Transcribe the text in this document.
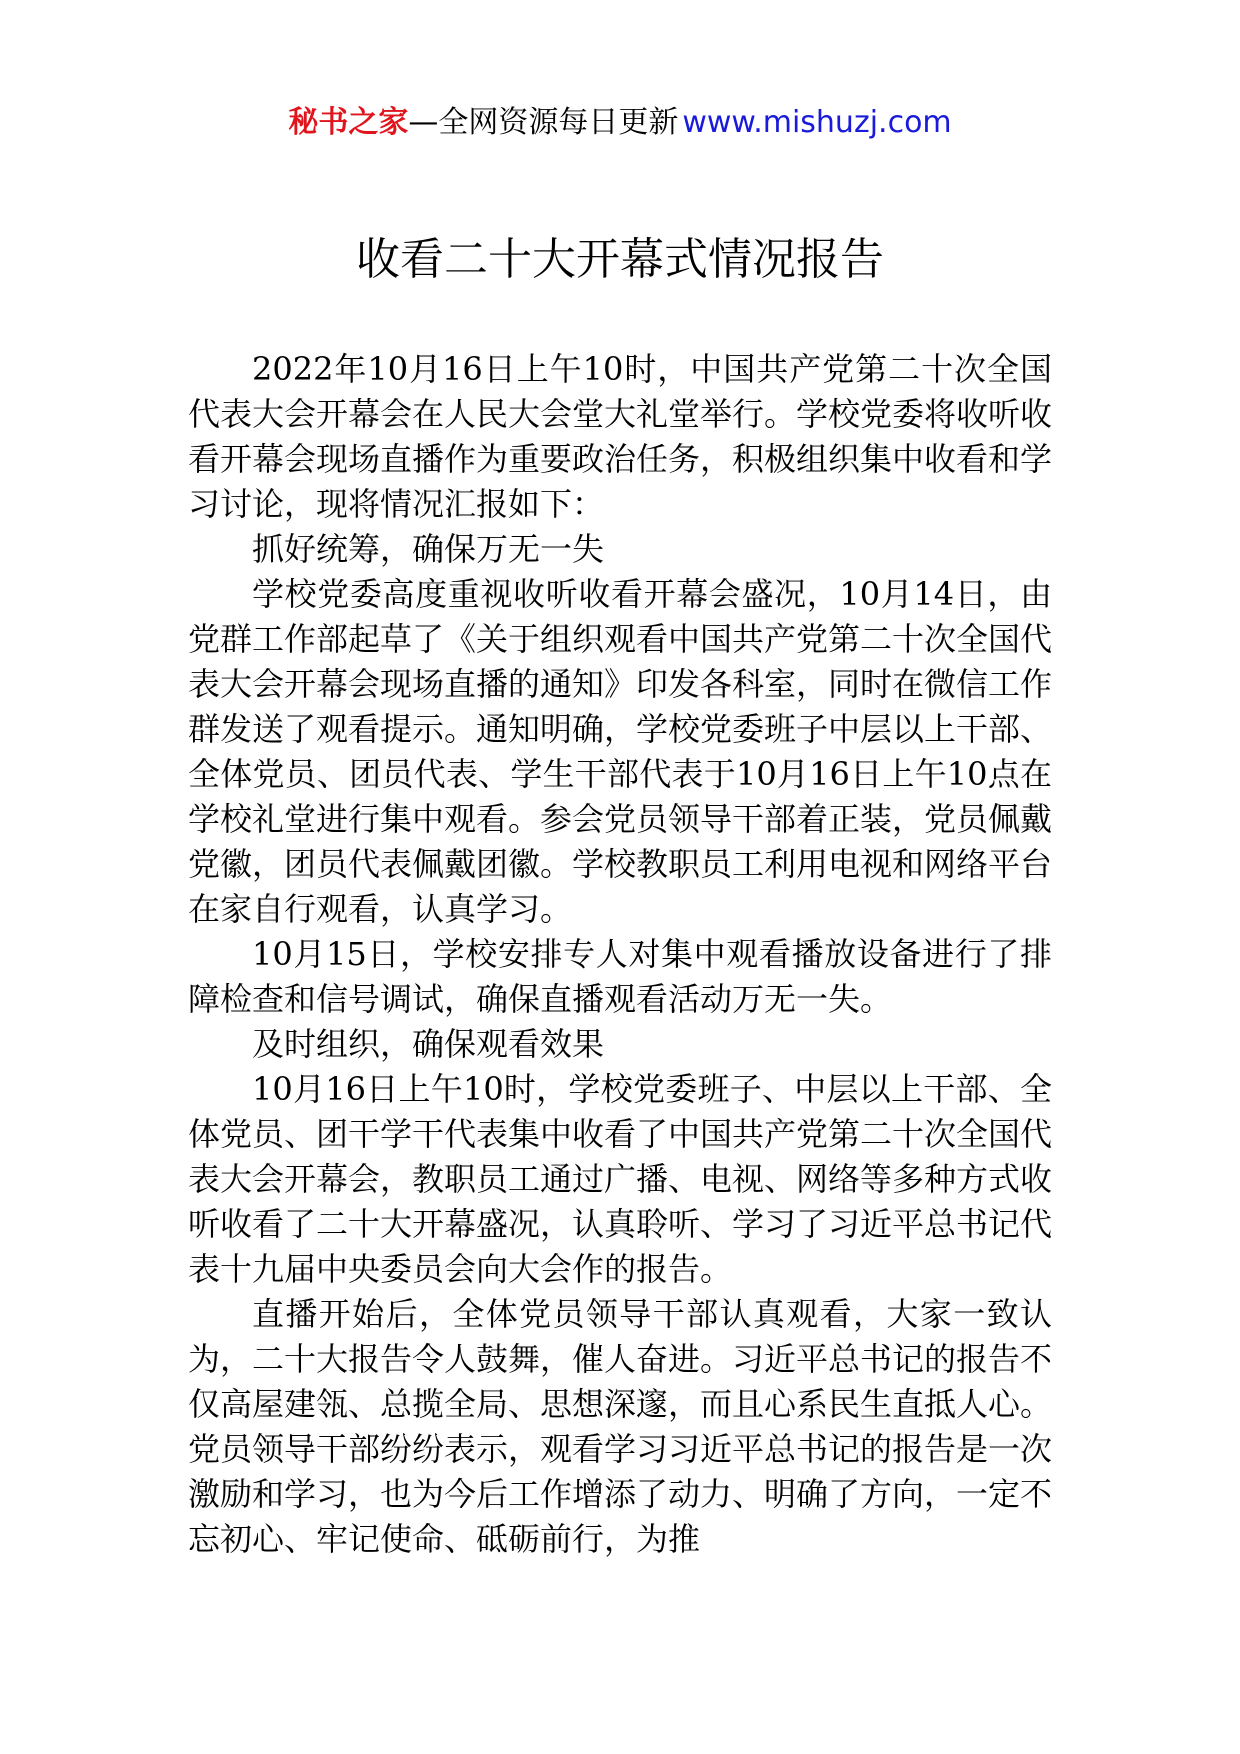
秘书之家—全网资源每日更新 www.mishuzj.com
收看二十大开幕式情况报告

2022年10月16日上午10时，中国共产党第二十次全国代表大会开幕会在人民大会堂大礼堂举行。学校党委将收听收看开幕会现场直播作为重要政治任务，积极组织集中收看和学习讨论，现将情况汇报如下：

抓好统筹，确保万无一失

学校党委高度重视收听收看开幕会盛况，10月14日，由党群工作部起草了《关于组织观看中国共产党第二十次全国代表大会开幕会现场直播的通知》印发各科室，同时在微信工作群发送了观看提示。通知明确，学校党委班子中层以上干部、全体党员、团员代表、学生干部代表于10月16日上午10点在学校礼堂进行集中观看。参会党员领导干部着正装，党员佩戴党徽，团员代表佩戴团徽。学校教职员工利用电视和网络平台在家自行观看，认真学习。

10月15日，学校安排专人对集中观看播放设备进行了排障检查和信号调试，确保直播观看活动万无一失。

及时组织，确保观看效果

10月16日上午10时，学校党委班子、中层以上干部、全体党员、团干学干代表集中收看了中国共产党第二十次全国代表大会开幕会，教职员工通过广播、电视、网络等多种方式收听收看了二十大开幕盛况，认真聆听、学习了习近平总书记代表十九届中央委员会向大会作的报告。

直播开始后，全体党员领导干部认真观看，大家一致认为，二十大报告令人鼓舞，催人奋进。习近平总书记的报告不仅高屋建瓴、总揽全局、思想深邃，而且心系民生直抵人心。党员领导干部纷纷表示，观看学习习近平总书记的报告是一次激励和学习，也为今后工作增添了动力、明确了方向，一定不忘初心、牢记使命、砥砺前行，为推
